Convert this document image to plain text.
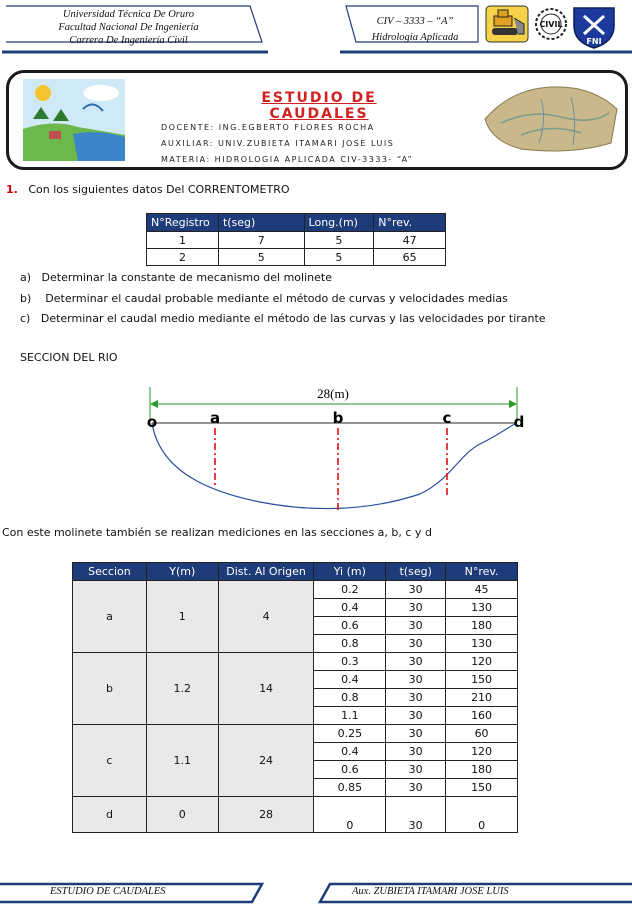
Universidad Técnica De Oruro
Facultad Nacional De Ingeniería
Carrera De Ingeniería Civil
CIV – 3333 – “A”
Hidrologia Aplicada
CIVIL
FNI
ESTUDIO DE CAUDALES
DOCENTE: ING.EGBERTO FLORES ROCHA
AUXILIAR: UNIV.ZUBIETA ITAMARI JOSE LUIS
MATERIA: HIDROLOGIA APLICADA CIV-3333- “A”
1. Con los siguientes datos Del CORRENTOMETRO
N°Registro	t(seg)	Long.(m)	N°rev.
1	7	5	47
2	5	5	65
a) Determinar la constante de mecanismo del molinete
b) Determinar el caudal probable mediante el método de curvas y velocidades medias
c) Determinar el caudal medio mediante el método de las curvas y las velocidades por tirante
SECCION DEL RIO
28(m)
o	a	b	c	d
Con este molinete también se realizan mediciones en las secciones a, b, c y d
Seccion	Y(m)	Dist. Al Origen	Yi (m)	t(seg)	N°rev.
a	1	4	0.2	30	45
			0.4	30	130
			0.6	30	180
			0.8	30	130
b	1.2	14	0.3	30	120
			0.4	30	150
			0.8	30	210
			1.1	30	160
c	1.1	24	0.25	30	60
			0.4	30	120
			0.6	30	180
			0.85	30	150
d	0	28	0	30	0
ESTUDIO DE CAUDALES	Aux. ZUBIETA ITAMARI JOSE LUIS
